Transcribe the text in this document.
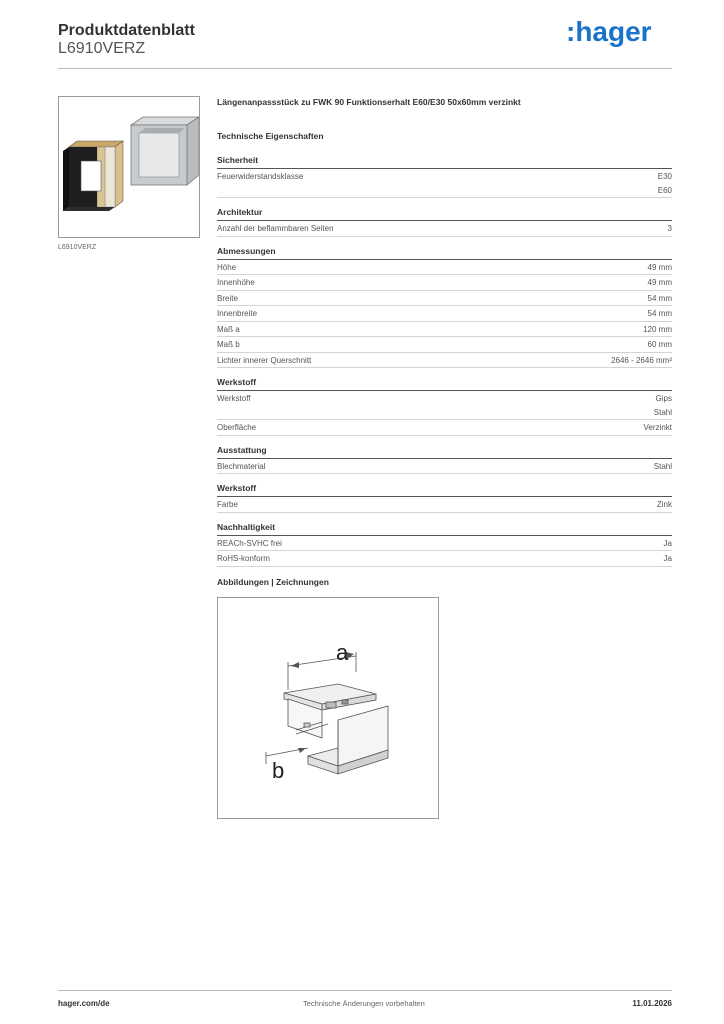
Produktdatenblatt
L6910VERZ
:hager
L6910VERZ
Längenanpassstück zu FWK 90 Funktionserhalt E60/E30 50x60mm verzinkt
Technische Eigenschaften
Sicherheit
Feuerwiderstandsklasse	E30
E60
Architektur
Anzahl der beflammbaren Seiten	3
Abmessungen
Höhe	49 mm
Innenhöhe	49 mm
Breite	54 mm
Innenbreite	54 mm
Maß a	120 mm
Maß b	60 mm
Lichter innerer Querschnitt	2646 - 2646 mm²
Werkstoff
Werkstoff	Gips
Stahl
Oberfläche	Verzinkt
Ausstattung
Blechmaterial	Stahl
Werkstoff
Farbe	Zink
Nachhaltigkeit
REACh-SVHC frei	Ja
RoHS-konform	Ja
Abbildungen | Zeichnungen
a
b
hager.com/de	Technische Änderungen vorbehalten	11.01.2026
